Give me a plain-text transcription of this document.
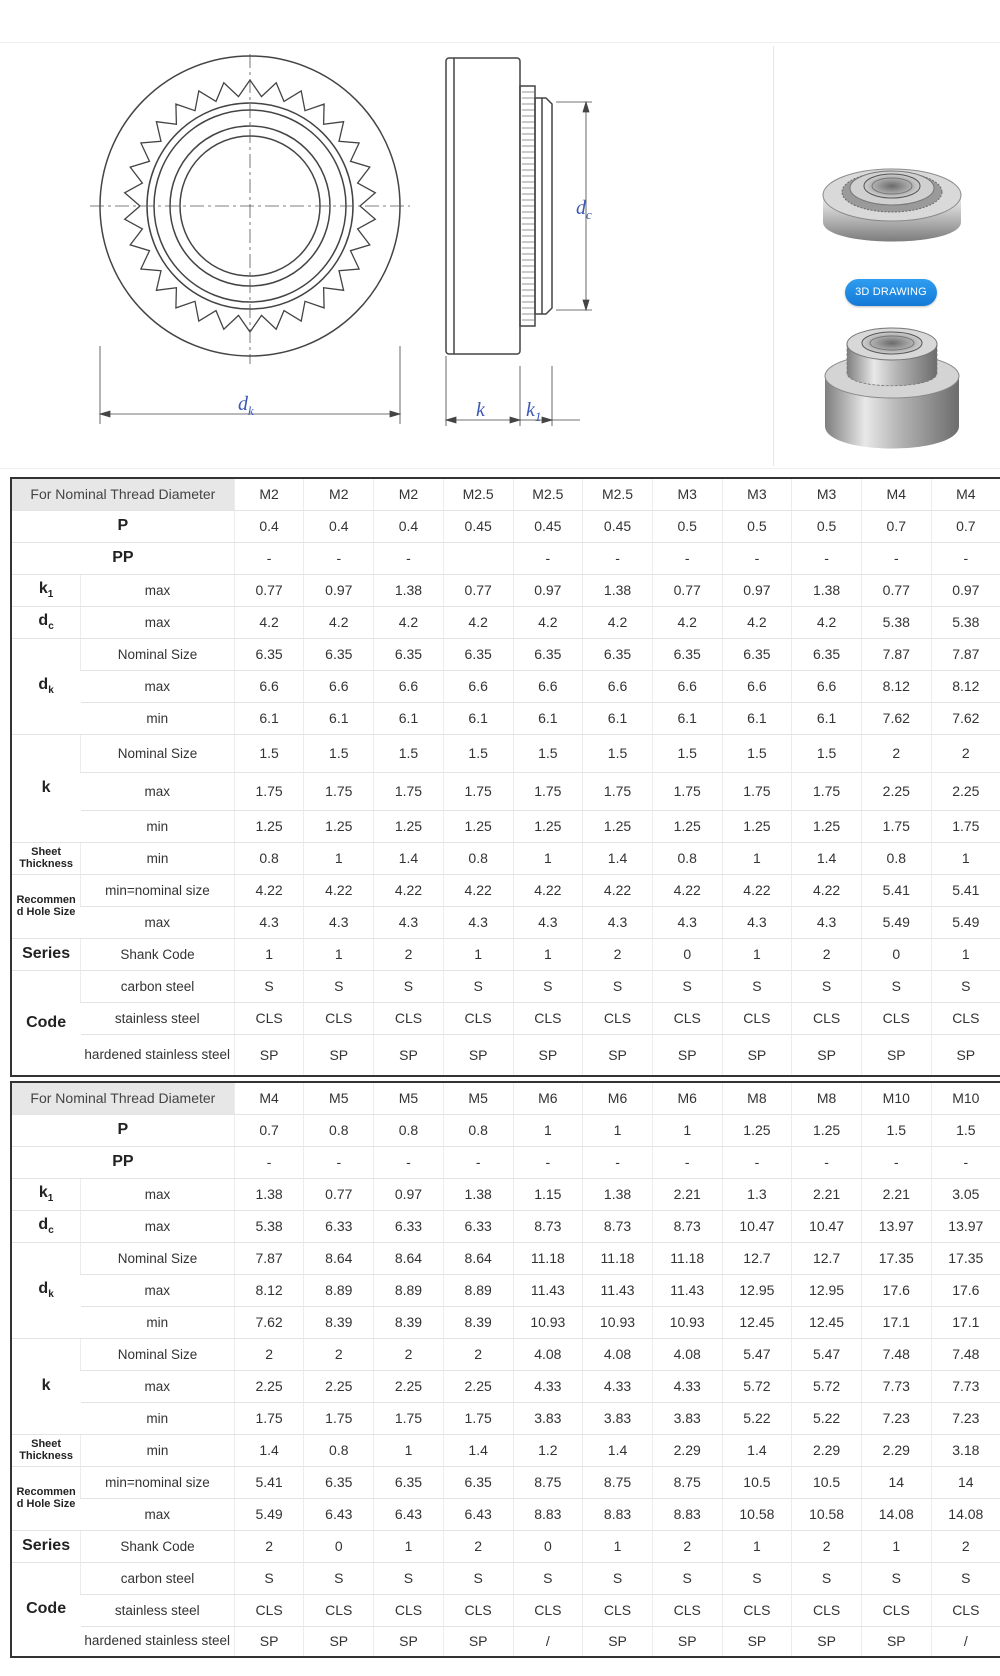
$d_k$
$d_c$
k $k_1$
3D DRAWING
For Nominal Thread Diameter		M2	M2	M2	M2.5	M2.5	M2.5	M3	M3	M3	M4	M4
P		0.4	0.4	0.4	0.45	0.45	0.45	0.5	0.5	0.5	0.7	0.7
PP		-	-	-		-	-	-	-	-	-	-
$k_1$	max	0.77	0.97	1.38	0.77	0.97	1.38	0.77	0.97	1.38	0.77	0.97
$d_c$	max	4.2	4.2	4.2	4.2	4.2	4.2	4.2	4.2	4.2	5.38	5.38
$d_k$	Nominal Size	6.35	6.35	6.35	6.35	6.35	6.35	6.35	6.35	6.35	7.87	7.87
	max	6.6	6.6	6.6	6.6	6.6	6.6	6.6	6.6	6.6	8.12	8.12
	min	6.1	6.1	6.1	6.1	6.1	6.1	6.1	6.1	6.1	7.62	7.62
k	Nominal Size	1.5	1.5	1.5	1.5	1.5	1.5	1.5	1.5	1.5	2	2
	max	1.75	1.75	1.75	1.75	1.75	1.75	1.75	1.75	1.75	2.25	2.25
	min	1.25	1.25	1.25	1.25	1.25	1.25	1.25	1.25	1.25	1.75	1.75
Sheet Thickness	min	0.8	1	1.4	0.8	1	1.4	0.8	1	1.4	0.8	1
Recommen d Hole Size	min=nominal size	4.22	4.22	4.22	4.22	4.22	4.22	4.22	4.22	4.22	5.41	5.41
	max	4.3	4.3	4.3	4.3	4.3	4.3	4.3	4.3	4.3	5.49	5.49
Series	Shank Code	1	1	2	1	1	2	0	1	2	0	1
Code	carbon steel	S	S	S	S	S	S	S	S	S	S	S
	stainless steel	CLS	CLS	CLS	CLS	CLS	CLS	CLS	CLS	CLS	CLS	CLS
	hardened stainless steel	SP	SP	SP	SP	SP	SP	SP	SP	SP	SP	SP
For Nominal Thread Diameter		M4	M5	M5	M5	M6	M6	M6	M8	M8	M10	M10
P		0.7	0.8	0.8	0.8	1	1	1	1.25	1.25	1.5	1.5
PP		-	-	-	-	-	-	-	-	-	-	-
$k_1$	max	1.38	0.77	0.97	1.38	1.15	1.38	2.21	1.3	2.21	2.21	3.05
$d_c$	max	5.38	6.33	6.33	6.33	8.73	8.73	8.73	10.47	10.47	13.97	13.97
$d_k$	Nominal Size	7.87	8.64	8.64	8.64	11.18	11.18	11.18	12.7	12.7	17.35	17.35
	max	8.12	8.89	8.89	8.89	11.43	11.43	11.43	12.95	12.95	17.6	17.6
	min	7.62	8.39	8.39	8.39	10.93	10.93	10.93	12.45	12.45	17.1	17.1
k	Nominal Size	2	2	2	2	4.08	4.08	4.08	5.47	5.47	7.48	7.48
	max	2.25	2.25	2.25	2.25	4.33	4.33	4.33	5.72	5.72	7.73	7.73
	min	1.75	1.75	1.75	1.75	3.83	3.83	3.83	5.22	5.22	7.23	7.23
Sheet Thickness	min	1.4	0.8	1	1.4	1.2	1.4	2.29	1.4	2.29	2.29	3.18
Recommen d Hole Size	min=nominal size	5.41	6.35	6.35	6.35	8.75	8.75	8.75	10.5	10.5	14	14
	max	5.49	6.43	6.43	6.43	8.83	8.83	8.83	10.58	10.58	14.08	14.08
Series	Shank Code	2	0	1	2	0	1	2	1	2	1	2
Code	carbon steel	S	S	S	S	S	S	S	S	S	S	S
	stainless steel	CLS	CLS	CLS	CLS	CLS	CLS	CLS	CLS	CLS	CLS	CLS
	hardened stainless steel	SP	SP	SP	SP	/	SP	SP	SP	SP	SP	/
